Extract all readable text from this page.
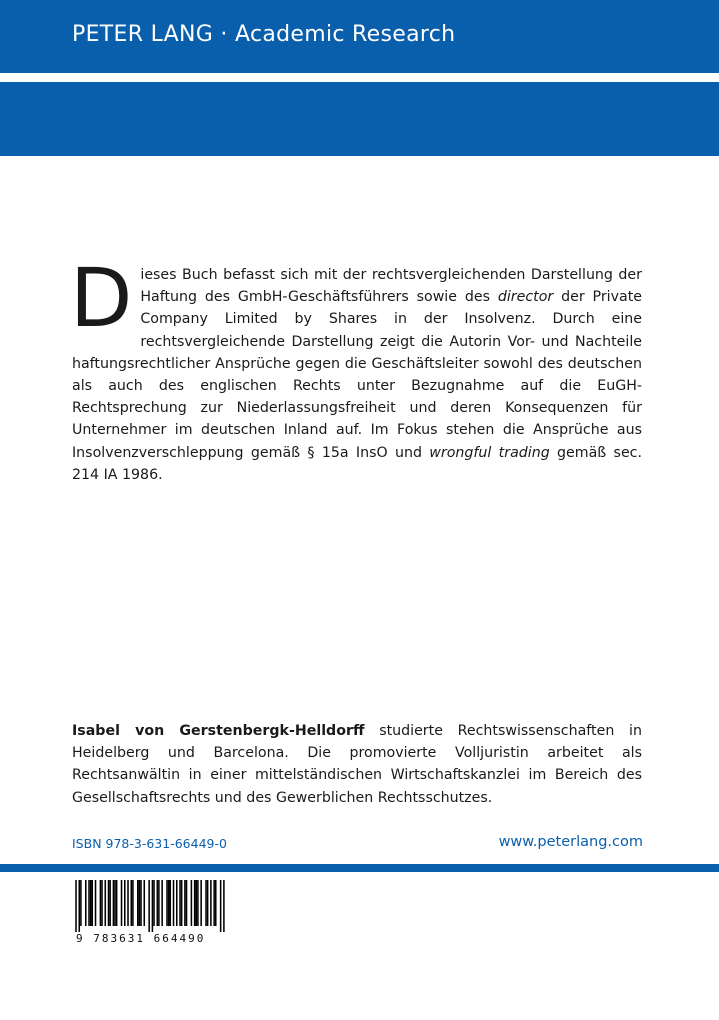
PETER LANG · Academic Research
II / 5777
D ieses Buch befasst sich mit der rechtsvergleichenden Darstellung der Haftung des GmbH-Geschäftsführers sowie des director der Private Company Limited by Shares in der Insolvenz. Durch eine rechtsvergleichende Darstellung zeigt die Autorin Vor- und Nachteile haftungsrechtlicher Ansprüche gegen die Geschäftsleiter sowohl des deutschen als auch des englischen Rechts unter Bezugnahme auf die EuGH-Rechtsprechung zur Niederlassungsfreiheit und deren Konsequenzen für Unternehmer im deutschen Inland auf. Im Fokus stehen die Ansprüche aus Insolvenzverschleppung gemäß § 15a InsO und wrongful trading gemäß sec. 214 IA 1986.

Isabel von Gerstenbergk-Helldorff studierte Rechtswissenschaften in Heidelberg und Barcelona. Die promovierte Volljuristin arbeitet als Rechtsanwältin in einer mittelständischen Wirtschaftskanzlei im Bereich des Gesellschaftsrechts und des Gewerblichen Rechtsschutzes.

ISBN 978-3-631-66449-0	www.peterlang.com
9 783631 664490
